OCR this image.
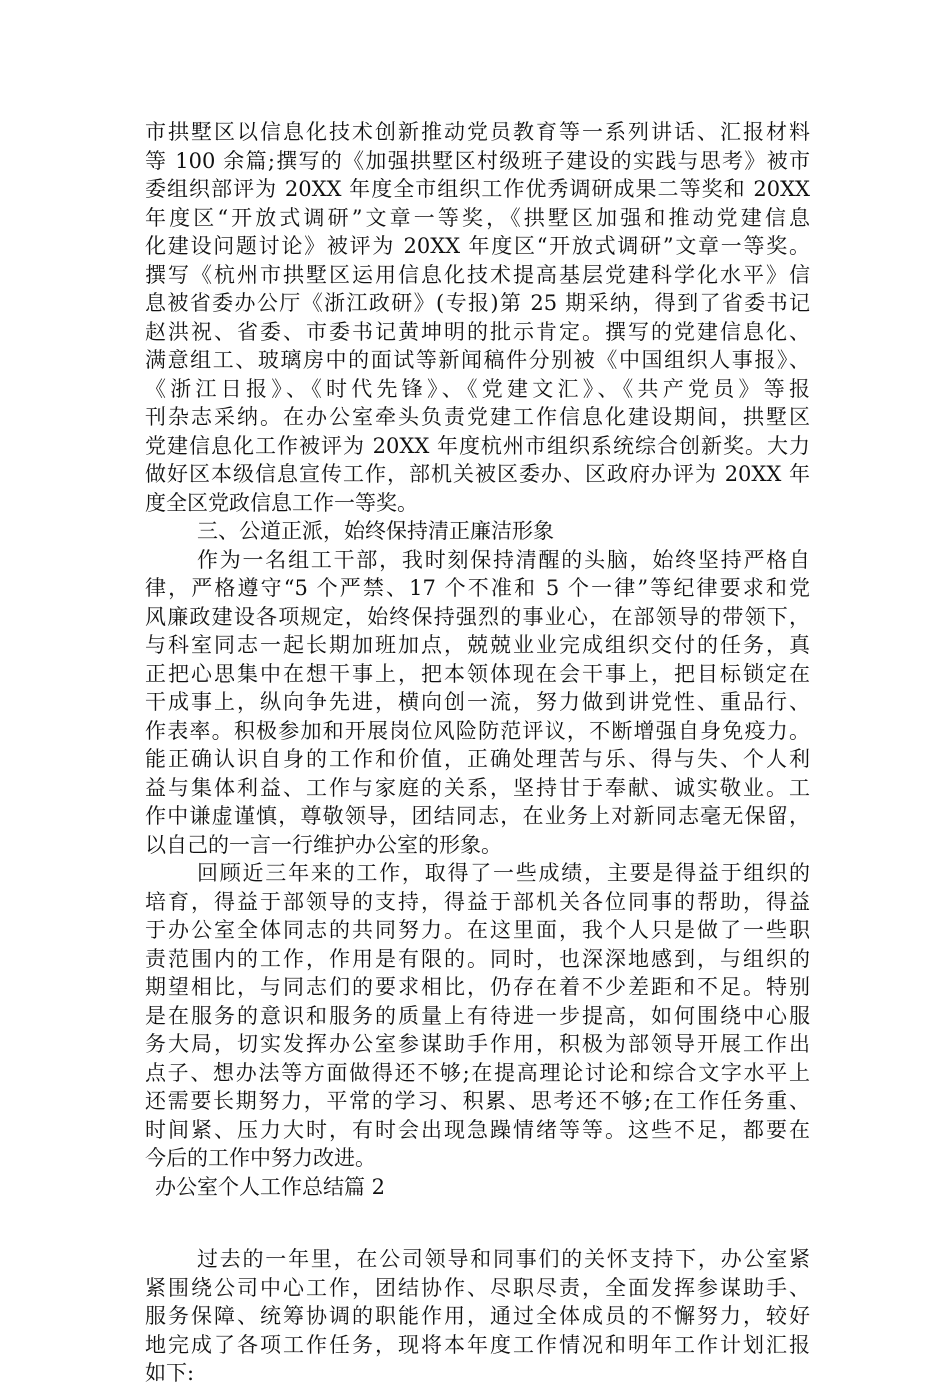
市拱墅区以信息化技术创新推动党员教育等一系列讲话、汇报材料
等 100 余篇;撰写的《加强拱墅区村级班子建设的实践与思考》被市
委组织部评为 20XX 年度全市组织工作优秀调研成果二等奖和 20XX
年度区“开放式调研”文章一等奖，《拱墅区加强和推动党建信息
化建设问题讨论》被评为 20XX 年度区“开放式调研”文章一等奖。
撰写《杭州市拱墅区运用信息化技术提高基层党建科学化水平》信
息被省委办公厅《浙江政研》(专报)第 25 期采纳，得到了省委书记
赵洪祝、省委、市委书记黄坤明的批示肯定。撰写的党建信息化、
满意组工、玻璃房中的面试等新闻稿件分别被《中国组织人事报》、
《浙江日报》、《时代先锋》、《党建文汇》、《共产党员》等报
刊杂志采纳。在办公室牵头负责党建工作信息化建设期间，拱墅区
党建信息化工作被评为 20XX 年度杭州市组织系统综合创新奖。大力
做好区本级信息宣传工作，部机关被区委办、区政府办评为 20XX 年
度全区党政信息工作一等奖。
三、公道正派，始终保持清正廉洁形象
作为一名组工干部，我时刻保持清醒的头脑，始终坚持严格自
律，严格遵守“5 个严禁、17 个不准和 5 个一律”等纪律要求和党
风廉政建设各项规定，始终保持强烈的事业心，在部领导的带领下，
与科室同志一起长期加班加点，兢兢业业完成组织交付的任务，真
正把心思集中在想干事上，把本领体现在会干事上，把目标锁定在
干成事上，纵向争先进，横向创一流，努力做到讲党性、重品行、
作表率。积极参加和开展岗位风险防范评议，不断增强自身免疫力。
能正确认识自身的工作和价值，正确处理苦与乐、得与失、个人利
益与集体利益、工作与家庭的关系，坚持甘于奉献、诚实敬业。工
作中谦虚谨慎，尊敬领导，团结同志，在业务上对新同志毫无保留，
以自己的一言一行维护办公室的形象。
回顾近三年来的工作，取得了一些成绩，主要是得益于组织的
培育，得益于部领导的支持，得益于部机关各位同事的帮助，得益
于办公室全体同志的共同努力。在这里面，我个人只是做了一些职
责范围内的工作，作用是有限的。同时，也深深地感到，与组织的
期望相比，与同志们的要求相比，仍存在着不少差距和不足。特别
是在服务的意识和服务的质量上有待进一步提高，如何围绕中心服
务大局，切实发挥办公室参谋助手作用，积极为部领导开展工作出
点子、想办法等方面做得还不够;在提高理论讨论和综合文字水平上
还需要长期努力，平常的学习、积累、思考还不够;在工作任务重、
时间紧、压力大时，有时会出现急躁情绪等等。这些不足，都要在
今后的工作中努力改进。
办公室个人工作总结篇 2
过去的一年里，在公司领导和同事们的关怀支持下，办公室紧
紧围绕公司中心工作，团结协作、尽职尽责，全面发挥参谋助手、
服务保障、统筹协调的职能作用，通过全体成员的不懈努力，较好
地完成了各项工作任务，现将本年度工作情况和明年工作计划汇报
如下:
